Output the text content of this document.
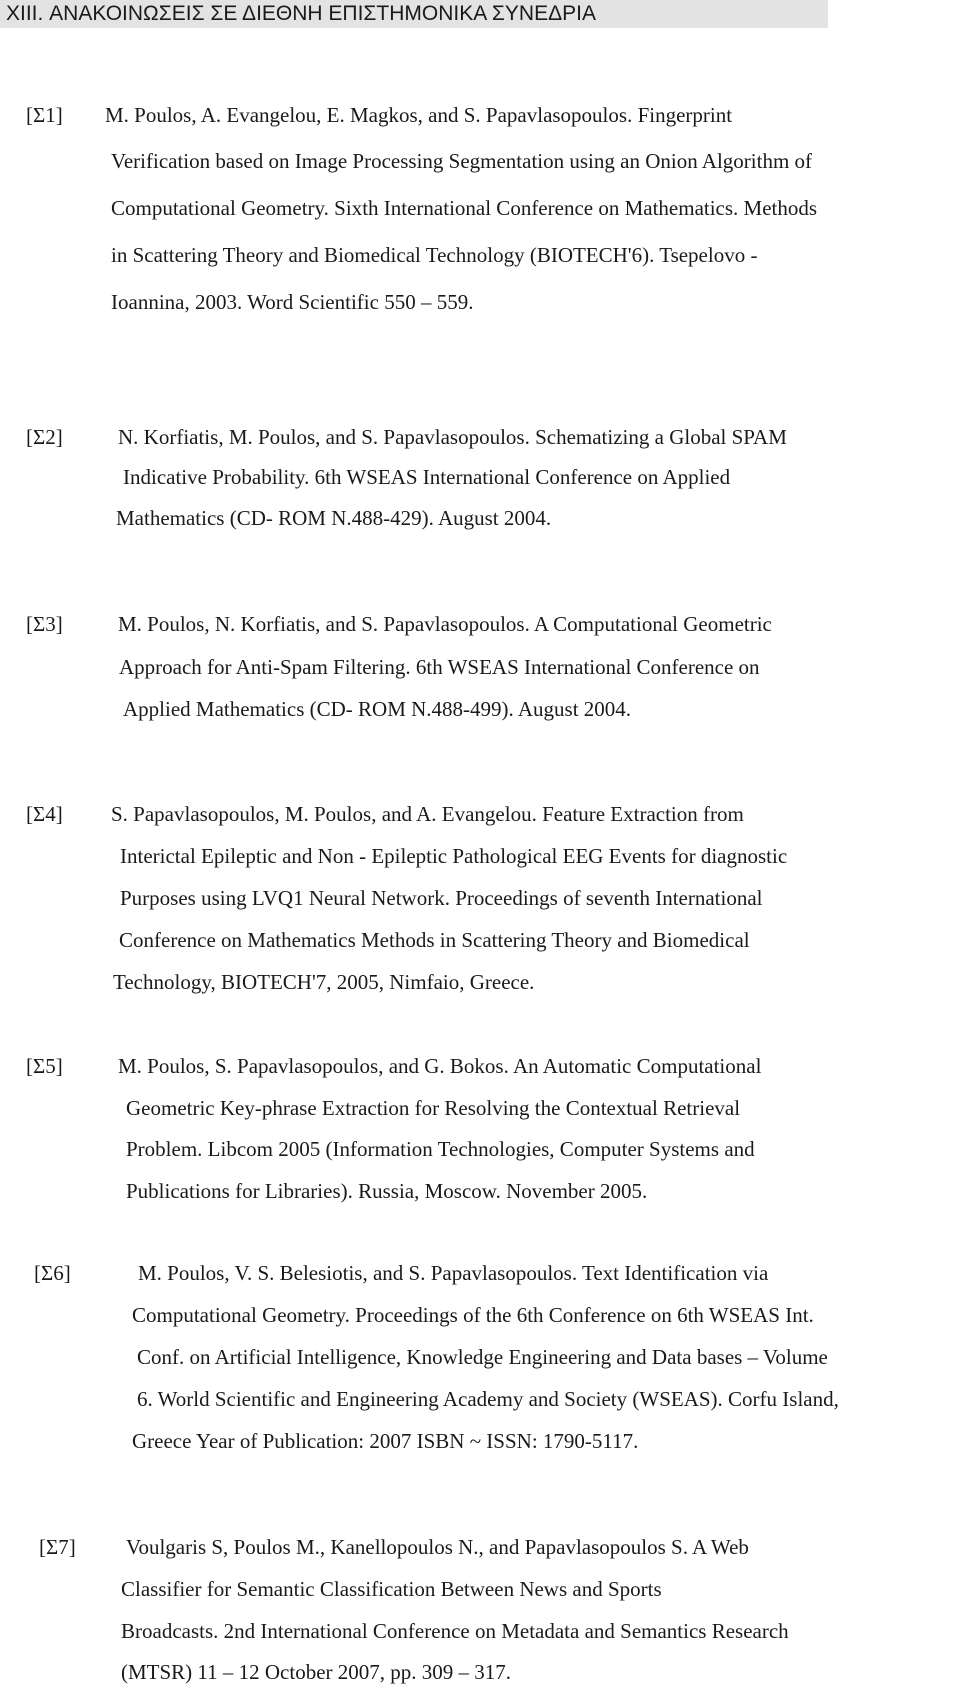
XIII. ΑΝΑΚΟΙΝΩΣΕΙΣ ΣΕ ΔΙΕΘΝΗ ΕΠΙΣΤΗΜΟΝΙΚΑ ΣΥΝΕΔΡΙΑ
[Σ1] M. Poulos, A. Evangelou, E. Magkos, and S. Papavlasopoulos. Fingerprint
Verification based on Image Processing Segmentation using an Onion Algorithm of
Computational Geometry. Sixth International Conference on Mathematics. Methods
in Scattering Theory and Biomedical Technology (BIOTECH'6). Tsepelovo -
Ioannina, 2003. Word Scientific 550 – 559.
[Σ2]	N. Korfiatis, M. Poulos, and S. Papavlasopoulos. Schematizing a Global SPAM
Indicative Probability. 6th WSEAS International Conference on Applied
Mathematics (CD- ROM N.488-429). August 2004.
[Σ3]	M. Poulos, N. Korfiatis, and S. Papavlasopoulos. A Computational Geometric
Approach for Anti-Spam Filtering. 6th WSEAS International Conference on
Applied Mathematics (CD- ROM N.488-499). August 2004.
[Σ4] S. Papavlasopoulos, M. Poulos, and A. Evangelou. Feature Extraction from
Interictal Epileptic and Non - Epileptic Pathological EEG Events for diagnostic
Purposes using LVQ1 Neural Network. Proceedings of seventh International
Conference on Mathematics Methods in Scattering Theory and Biomedical
Technology, BIOTECH'7, 2005, Nimfaio, Greece.
[Σ5]	M. Poulos, S. Papavlasopoulos, and G. Bokos. An Automatic Computational
Geometric Key-phrase Extraction for Resolving the Contextual Retrieval
Problem. Libcom 2005 (Information Technologies, Computer Systems and
Publications for Libraries). Russia, Moscow. November 2005.
[Σ6]	M. Poulos, V. S. Belesiotis, and S. Papavlasopoulos. Text Identification via
Computational Geometry. Proceedings of the 6th Conference on 6th WSEAS Int.
Conf. on Artificial Intelligence, Knowledge Engineering and Data bases – Volume
6. World Scientific and Engineering Academy and Society (WSEAS). Corfu Island,
Greece Year of Publication: 2007 ISBN ~ ISSN: 1790-5117.
[Σ7] Voulgaris S, Poulos M., Kanellopoulos N., and Papavlasopoulos S. A Web
Classifier for Semantic Classification Between News and Sports
Broadcasts. 2nd International Conference on Metadata and Semantics Research
(MTSR) 11 – 12 October 2007, pp. 309 – 317.
